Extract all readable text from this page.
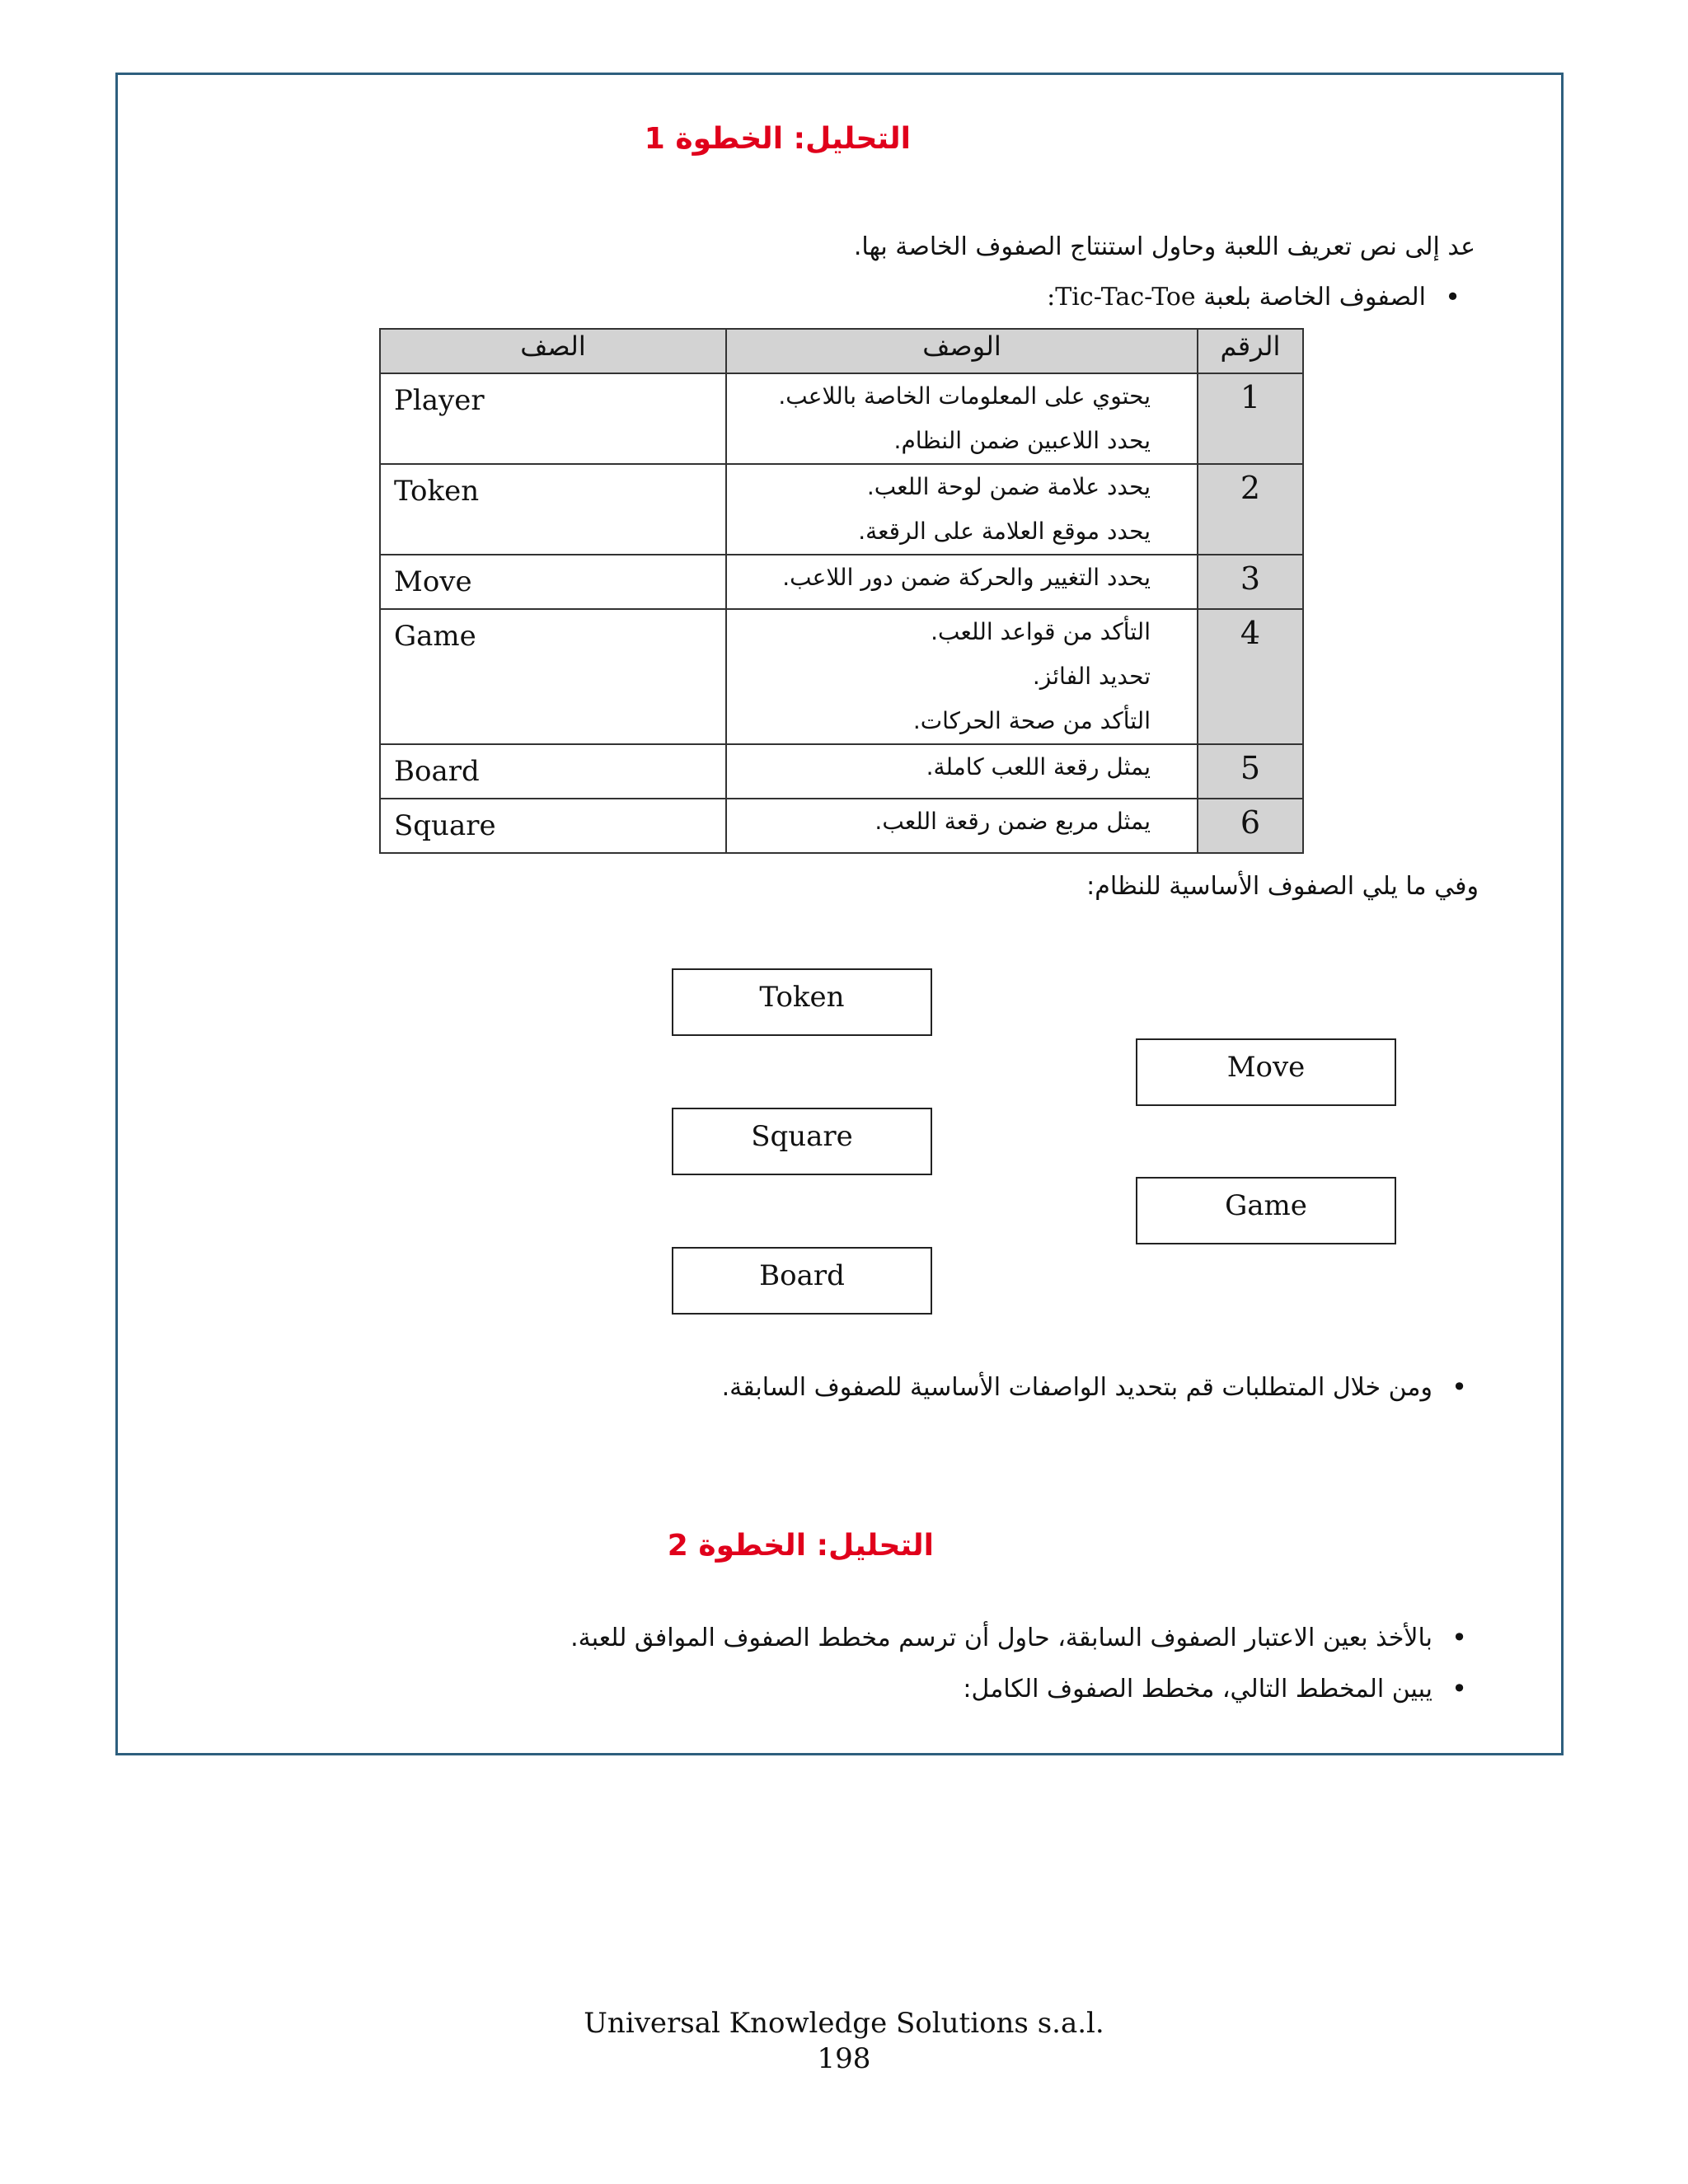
التحليل: الخطوة 1
عد إلى نص تعريف اللعبة وحاول استنتاج الصفوف الخاصة بها.
الصفوف الخاصة بلعبة Tic-Tac-Toe: •
الصف	الوصف	الرقم
Player	يحتوي على المعلومات الخاصة باللاعب.
يحدد اللاعبين ضمن النظام.	1
Token	يحدد علامة ضمن لوحة اللعب.
يحدد موقع العلامة على الرقعة.	2
Move	يحدد التغيير والحركة ضمن دور اللاعب.	3
Game	التأكد من قواعد اللعب.
تحديد الفائز.
التأكد من صحة الحركات.	4
Board	يمثل رقعة اللعب كاملة.	5
Square	يمثل مربع ضمن رقعة اللعب.	6
وفي ما يلي الصفوف الأساسية للنظام:
Token
Square
Board
Move
Game
ومن خلال المتطلبات قم بتحديد الواصفات الأساسية للصفوف السابقة. •
التحليل: الخطوة 2
بالأخذ بعين الاعتبار الصفوف السابقة، حاول أن ترسم مخطط الصفوف الموافق للعبة. •
يبين المخطط التالي، مخطط الصفوف الكامل: •
Universal Knowledge Solutions s.a.l.
198
